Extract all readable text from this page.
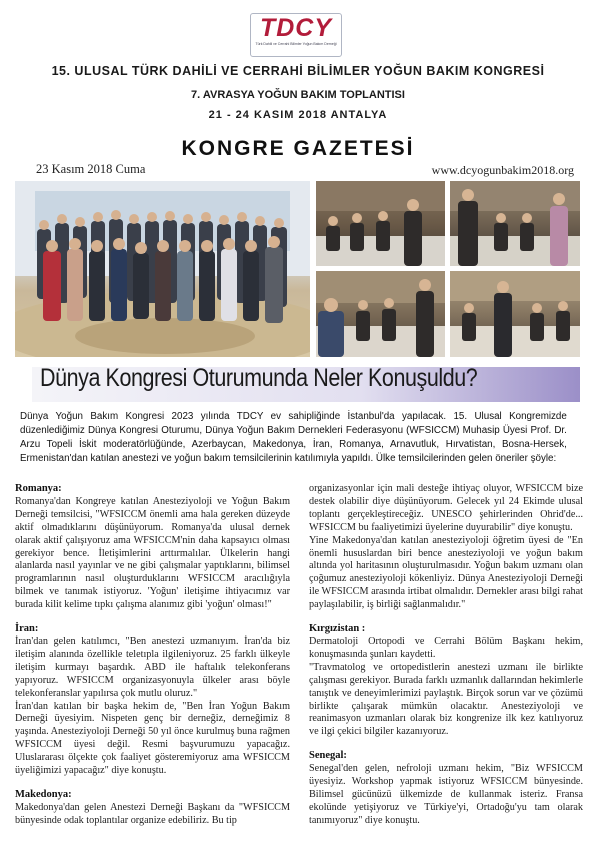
TDCY
Türk Dahili ve Cerrahi Bilimler Yoğun Bakım Derneği
15. ULUSAL TÜRK DAHİLİ VE CERRAHİ BİLİMLER YOĞUN BAKIM KONGRESİ
7. AVRASYA YOĞUN BAKIM TOPLANTISI
21 - 24 KASIM 2018 ANTALYA
KONGRE GAZETESİ
23 Kasım 2018 Cuma	www.dcyogunbakim2018.org
Dünya Kongresi Oturumunda Neler Konuşuldu?
Dünya Yoğun Bakım Kongresi 2023 yılında TDCY ev sahipliğinde İstanbul'da yapılacak. 15. Ulusal Kongremizde düzenlediğimiz Dünya Kongresi Oturumu, Dünya Yoğun Bakım Dernekleri Federasyonu (WFSICCM) Muhasip Üyesi Prof. Dr. Arzu Topeli İskit moderatörlüğünde, Azerbaycan, Makedonya, İran, Romanya, Arnavutluk, Hırvatistan, Bosna-Hersek, Ermenistan'dan katılan anestezi ve yoğun bakım temsilcilerinin katılımıyla yapıldı. Ülke temsilcilerinden gelen öneriler şöyle:
Romanya:

Romanya'dan Kongreye katılan Anesteziyoloji ve Yoğun Bakım Derneği temsilcisi, "WFSICCM önemli ama hala gereken düzeyde aktif olmadıklarını düşünüyorum. Romanya'da ulusal dernek olarak aktif çalışıyoruz ama WFSICCM'nin daha kapsayıcı olması gerekiyor bence. İletişimlerini arttırmalılar. Ülkelerin hangi alanlarda nasıl yayınlar ve ne gibi çalışmalar yaptıklarını, bilimsel programlarının nasıl oluşturduklarını WFSICCM aracılığıyla bilmek ve tanımak istiyoruz. 'Yoğun' iletişime ihtiyacımız var burada kilit kelime tıpkı çalışma alanımız gibi 'yoğun' olması!"

İran:

İran'dan gelen katılımcı, "Ben anestezi uzmanıyım. İran'da biz iletişim alanında özellikle teletıpla ilgileniyoruz. 25 farklı ülkeyle iletişim kurmayı başardık. ABD ile haftalık telekonferans yapıyoruz. WFSICCM organizasyonuyla ülkeler arası böyle telekonferanslar yapılırsa çok mutlu oluruz."

İran'dan katılan bir başka hekim de, "Ben İran Yoğun Bakım Derneği üyesiyim. Nispeten genç bir derneğiz, derneğimiz 8 yaşında. Anesteziyoloji Derneği 50 yıl önce kurulmuş buna rağmen WFSICCM üyesi değil. Resmi başvurumuzu yapacağız. Uluslararası ölçekte çok faaliyet gösteremiyoruz ama WFSICCM üyeliğimizi yapacağız" diye konuştu.

Makedonya:

Makedonya'dan gelen Anestezi Derneği Başkanı da "WFSICCM bünyesinde odak toplantılar organize edebiliriz. Bu tip

organizasyonlar için mali desteğe ihtiyaç oluyor, WFSICCM bize destek olabilir diye düşünüyorum. Gelecek yıl 24 Ekimde ulusal toplantı gerçekleştireceğiz. UNESCO şehirlerinden Ohrid'de... WFSICCM bu faaliyetimizi üyelerine duyurabilir" diye konuştu.

Yine Makedonya'dan katılan anesteziyoloji öğretim üyesi de "En önemli hususlardan biri bence anesteziyoloji ve yoğun bakım altında yol haritasının oluşturulmasıdır. Yoğun bakım uzmanı olan çoğumuz anesteziyoloji kökenliyiz. Dünya Anesteziyoloji Derneği ile WFSICCM arasında irtibat olmalıdır. Dernekler arası bilgi rahat paylaşılabilir, iş birliği sağlanmalıdır."

Kırgızistan :

Dermatoloji Ortopodi ve Cerrahi Bölüm Başkanı hekim, konuşmasında şunları kaydetti.

"Travmatolog ve ortopedistlerin anestezi uzmanı ile birlikte çalışması gerekiyor. Burada farklı uzmanlık dallarından hekimlerle tanıştık ve deneyimlerimizi paylaştık. Birçok sorun var ve çözümü birlikte çalışarak mümkün olacaktır. Anesteziyoloji ve reanimasyon uzmanları olarak biz kongrenize ilk kez katılıyoruz ve ilgi çekici bilgiler kazanıyoruz.

Senegal:

Senegal'den gelen, nefroloji uzmanı hekim, "Biz WFSICCM üyesiyiz. Workshop yapmak istiyoruz WFSICCM bünyesinde. Bilimsel gücünüzü ülkemizde de kullanmak isteriz. Fransa ekolünde yetişiyoruz ve Türkiye'yi, Ortadoğu'yu tam olarak tanımıyoruz" diye konuştu.
